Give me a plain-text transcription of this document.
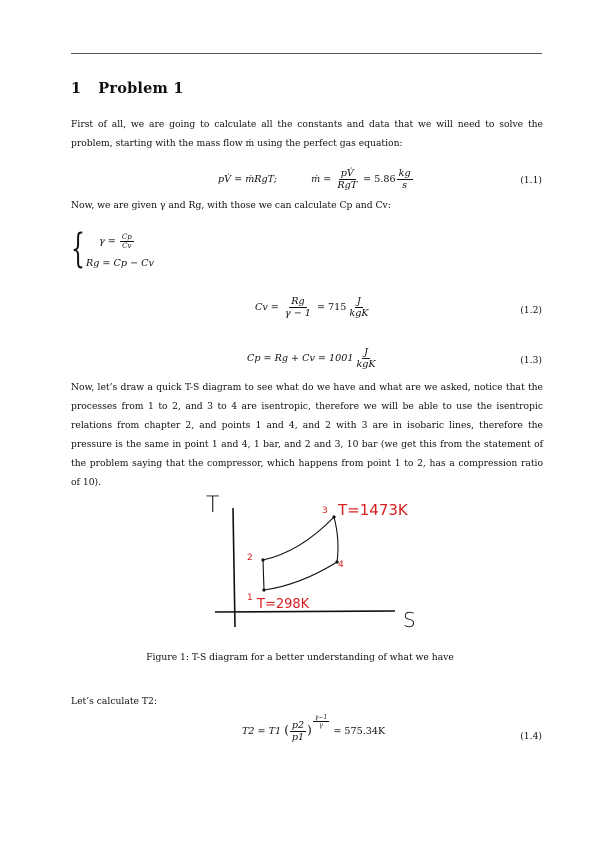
1 Problem 1
First of all, we are going to calculate all the constants and data that we will need to solve the problem, starting with the mass flow ṁ using the perfect gas equation:
pV̇ = ṁRgT;	ṁ = $\frac{pV̇}{\text{RgT}} = 5.86 \frac{kg}{s}$	(1.1)
Now, we are given γ and Rg, with those we can calculate Cp and Cv:
{ $\gamma = \frac{Cp}{Cv}$
Rg = Cp − Cv
$Cv = \frac{Rg}{\gamma - 1} = 715 \frac{J}{\text{kgK}}$	(1.2)
$Cp = Rg + Cv = 1001 \frac{J}{\text{kgK}}$	(1.3)
Now, let’s draw a quick T-S diagram to see what do we have and what are we asked, notice that the processes from 1 to 2, and 3 to 4 are isentropic, therefore we will be able to use the isentropic relations from chapter 2, and points 1 and 4, and 2 with 3 are in isobaric lines, therefore the pressure is the same in point 1 and 4, 1 bar, and 2 and 3, 10 bar (we get this from the statement of the problem saying that the compressor, which happens from point 1 to 2, has a compression ratio of 10).
T
S
2
3
4
1
T=1473K
T=298K
Figure 1: T-S diagram for a better understanding of what we have
Let’s calculate T2:
T2 = T1 ( $\frac{p2}{p1}$ )
$\frac{\gamma-1}{\gamma}$
= 575.34K	(1.4)
